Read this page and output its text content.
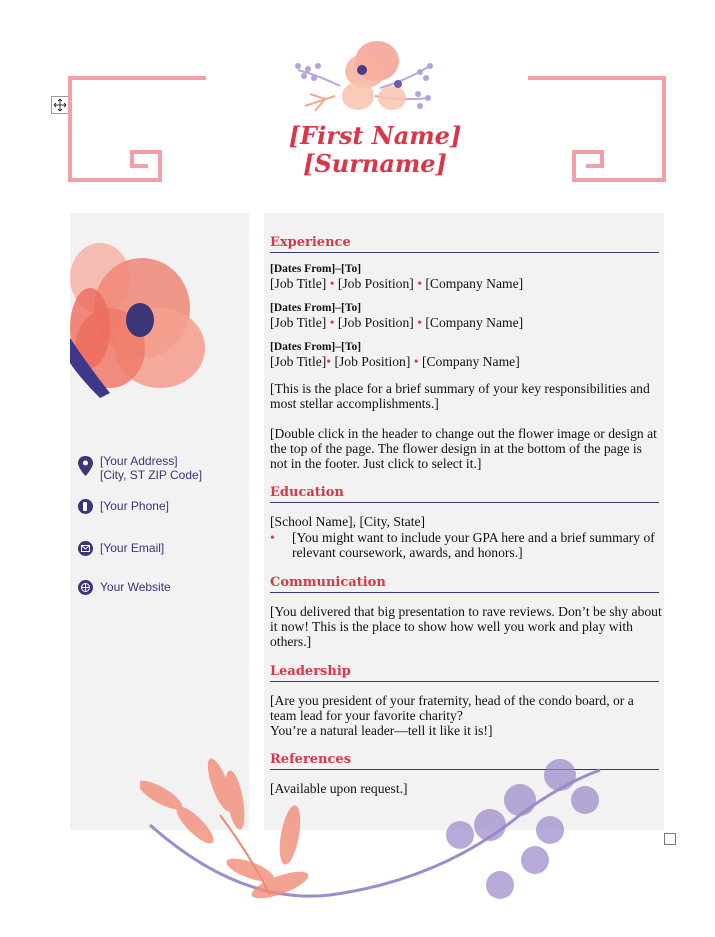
[First Name]
[Surname]
[Your Address]
[City, ST ZIP Code]
[Your Phone]
[Your Email]
Your Website
Experience
[Dates From]–[To]
[Job Title] • [Job Position] • [Company Name]
[Dates From]–[To]
[Job Title] • [Job Position] • [Company Name]
[Dates From]–[To]
[Job Title]• [Job Position] • [Company Name]
[This is the place for a brief summary of your key responsibilities and most stellar accomplishments.]
[Double click in the header to change out the flower image or design at the top of the page. The flower design in at the bottom of the page is not in the footer. Just click to select it.]
Education
[School Name], [City, State]
•	[You might want to include your GPA here and a brief summary of relevant coursework, awards, and honors.]
Communication
[You delivered that big presentation to rave reviews. Don’t be shy about it now! This is the place to show how well you work and play with others.]
Leadership
[Are you president of your fraternity, head of the condo board, or a team lead for your favorite charity?
You’re a natural leader—tell it like it is!]
References
[Available upon request.]
